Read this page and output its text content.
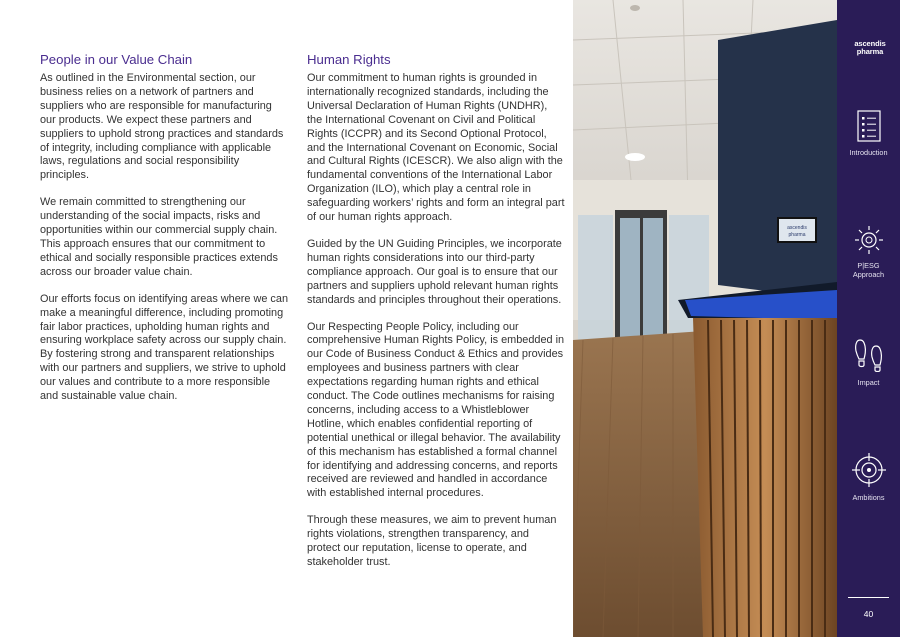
People in our Value Chain

As outlined in the Environmental section, our business relies on a network of partners and suppliers who are responsible for manufacturing our products. We expect these partners and suppliers to uphold strong practices and standards of integrity, including compliance with applicable laws, regulations and social responsibility principles.

We remain committed to strengthening our understanding of the social impacts, risks and opportunities within our commercial supply chain. This approach ensures that our commitment to ethical and socially responsible practices extends across our broader value chain.

Our efforts focus on identifying areas where we can make a meaningful difference, including promoting fair labor practices, upholding human rights and ensuring workplace safety across our supply chain. By fostering strong and transparent relationships with our partners and suppliers, we strive to uphold our values and contribute to a more responsible and sustainable value chain.

Human Rights

Our commitment to human rights is grounded in internationally recognized standards, including the Universal Declaration of Human Rights (UNDHR), the International Covenant on Civil and Political Rights (ICCPR) and its Second Optional Protocol, and the International Covenant on Economic, Social and Cultural Rights (ICESCR). We also align with the fundamental conventions of the International Labor Organization (ILO), which play a central role in safeguarding workers’ rights and form an integral part of our human rights approach.

Guided by the UN Guiding Principles, we incorporate human rights considerations into our third-party compliance approach. Our goal is to ensure that our partners and suppliers uphold relevant human rights standards and principles throughout their operations.

Our Respecting People Policy, including our comprehensive Human Rights Policy, is embedded in our Code of Business Conduct & Ethics and provides employees and business partners with clear expectations regarding human rights and ethical conduct. The Code outlines mechanisms for raising concerns, including access to a Whistleblower Hotline, which enables confidential reporting of potential unethical or illegal behavior. The availability of this mechanism has established a formal channel for identifying and addressing concerns, and reports received are reviewed and handled in accordance with established internal procedures.

Through these measures, we aim to prevent human rights violations, strengthen transparency, and protect our reputation, license to operate, and stakeholder trust.

ascendis
pharma
ascendis
pharma
Introduction
P|ESG
Approach
Impact
Ambitions
40
